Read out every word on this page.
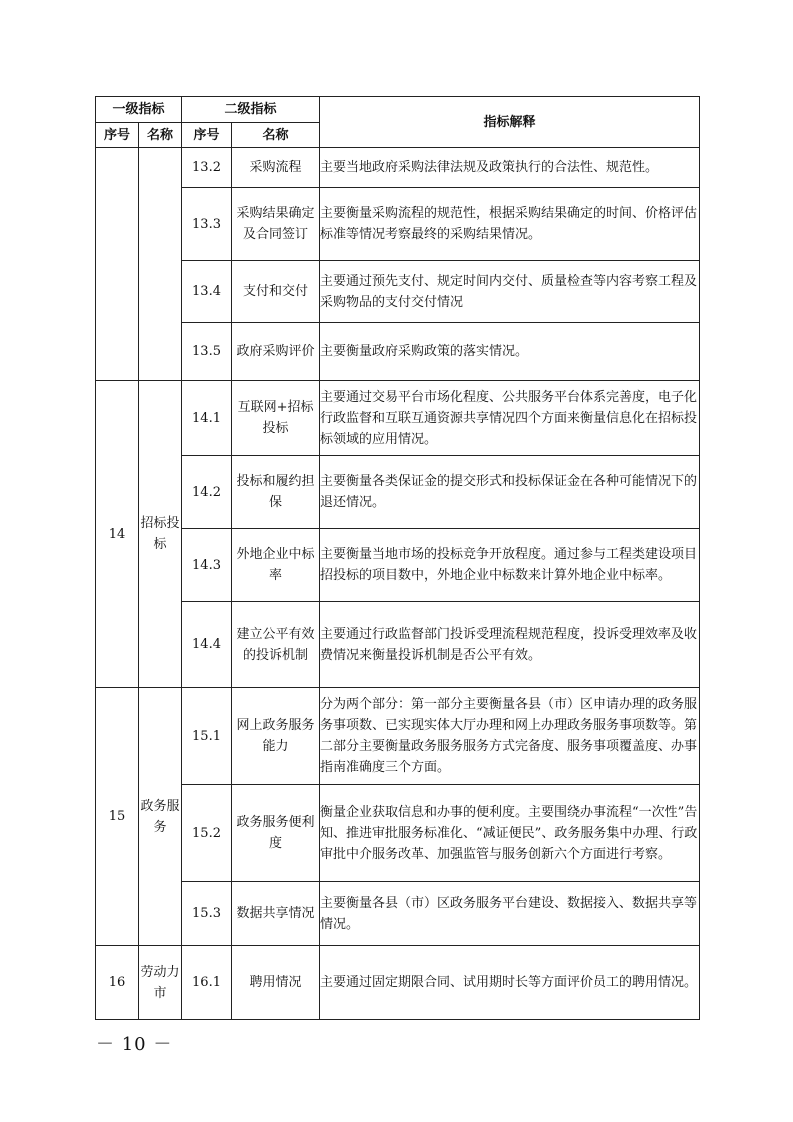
一级指标		二级指标		指标解释
序号	名称	序号	名称	
		13.2	采购流程	主要当地政府采购法律法规及政策执行的合法性、规范性。
		13.3	采购结果确定及合同签订	主要衡量采购流程的规范性，根据采购结果确定的时间、价格评估标准等情况考察最终的采购结果情况。
		13.4	支付和交付	主要通过预先支付、规定时间内交付、质量检查等内容考察工程及采购物品的支付交付情况
		13.5	政府采购评价	主要衡量政府采购政策的落实情况。
14	招标投标	14.1	互联网+招标投标	主要通过交易平台市场化程度、公共服务平台体系完善度，电子化行政监督和互联互通资源共享情况四个方面来衡量信息化在招标投标领域的应用情况。
		14.2	投标和履约担保	主要衡量各类保证金的提交形式和投标保证金在各种可能情况下的退还情况。
		14.3	外地企业中标率	主要衡量当地市场的投标竞争开放程度。通过参与工程类建设项目招投标的项目数中，外地企业中标数来计算外地企业中标率。
		14.4	建立公平有效的投诉机制	主要通过行政监督部门投诉受理流程规范程度，投诉受理效率及收费情况来衡量投诉机制是否公平有效。
15	政务服务	15.1	网上政务服务能力	分为两个部分：第一部分主要衡量各县（市）区申请办理的政务服务事项数、已实现实体大厅办理和网上办理政务服务事项数等。第二部分主要衡量政务服务服务方式完备度、服务事项覆盖度、办事指南准确度三个方面。
		15.2	政务服务便利度	衡量企业获取信息和办事的便利度。主要围绕办事流程“一次性”告知、推进审批服务标准化、“减证便民”、政务服务集中办理、行政审批中介服务改革、加强监管与服务创新六个方面进行考察。
		15.3	数据共享情况	主要衡量各县（市）区政务服务平台建设、数据接入、数据共享等情况。
16	劳动力市	16.1	聘用情况	主要通过固定期限合同、试用期时长等方面评价员工的聘用情况。
－ 10 －
